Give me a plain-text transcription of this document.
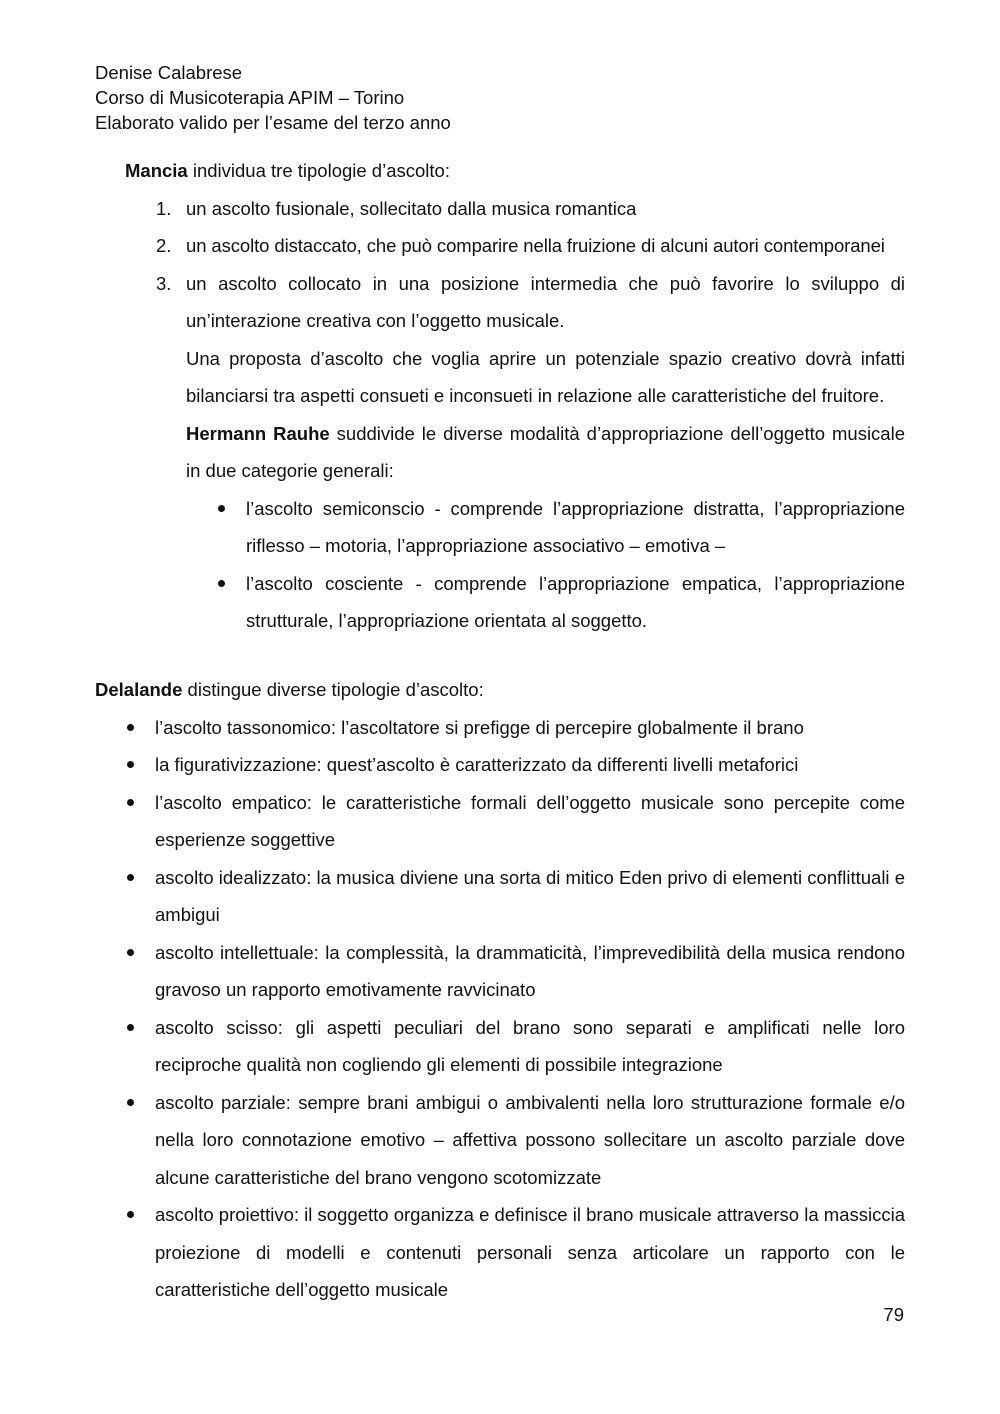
Denise Calabrese
Corso di Musicoterapia APIM – Torino
Elaborato valido per l’esame del terzo anno
Mancia individua tre tipologie d’ascolto:
1. un ascolto fusionale, sollecitato dalla musica romantica
2. un ascolto distaccato, che può comparire nella fruizione di alcuni autori contemporanei
3. un ascolto collocato in una posizione intermedia che può favorire lo sviluppo di un’interazione creativa con l’oggetto musicale.
Una proposta d’ascolto che voglia aprire un potenziale spazio creativo dovrà infatti bilanciarsi tra aspetti consueti e inconsueti in relazione alle caratteristiche del fruitore.
Hermann Rauhe suddivide le diverse modalità d’appropriazione dell’oggetto musicale in due categorie generali:
l’ascolto semiconscio - comprende l’appropriazione distratta, l’appropriazione riflesso – motoria, l’appropriazione associativo – emotiva –
l’ascolto cosciente - comprende l’appropriazione empatica, l’appropriazione strutturale, l’appropriazione orientata al soggetto.
Delalande distingue diverse tipologie d’ascolto:
l’ascolto tassonomico: l’ascoltatore si prefigge di percepire globalmente il brano
la figurativizzazione: quest’ascolto è caratterizzato da differenti livelli metaforici
l’ascolto empatico: le caratteristiche formali dell’oggetto musicale sono percepite come esperienze soggettive
ascolto idealizzato: la musica diviene una sorta di mitico Eden privo di elementi conflittuali e ambigui
ascolto intellettuale: la complessità, la drammaticità, l’imprevedibilità della musica rendono gravoso un rapporto emotivamente ravvicinato
ascolto scisso: gli aspetti peculiari del brano sono separati e amplificati nelle loro reciproche qualità non cogliendo gli elementi di possibile integrazione
ascolto parziale: sempre brani ambigui o ambivalenti nella loro strutturazione formale e/o nella loro connotazione emotivo – affettiva possono sollecitare un ascolto parziale dove alcune caratteristiche del brano vengono scotomizzate
ascolto proiettivo: il soggetto organizza e definisce il brano musicale attraverso la massiccia proiezione di modelli e contenuti personali senza articolare un rapporto con le caratteristiche dell’oggetto musicale
79
